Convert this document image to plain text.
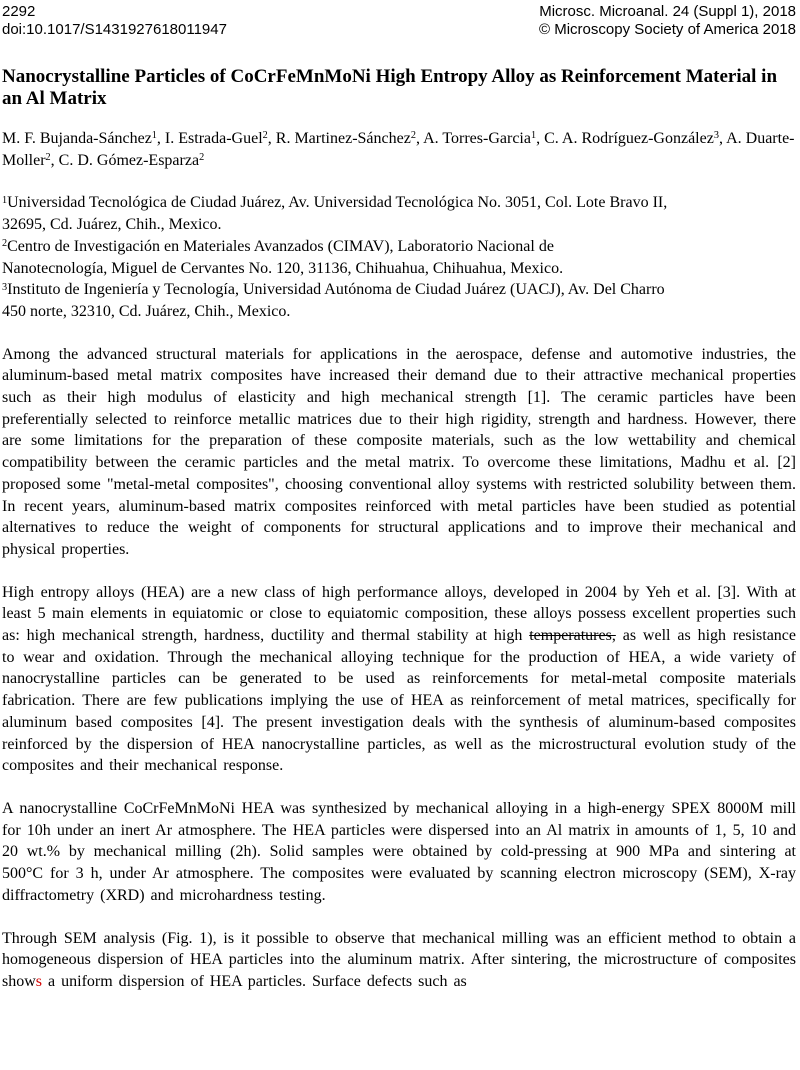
2292
doi:10.1017/S1431927618011947
Microsc. Microanal. 24 (Suppl 1), 2018
© Microscopy Society of America 2018
Nanocrystalline Particles of CoCrFeMnMoNi High Entropy Alloy as Reinforcement Material in an Al Matrix

M. F. Bujanda-Sánchez$^1$, I. Estrada-Guel$^2$, R. Martinez-Sánchez$^2$, A. Torres-Garcia$^1$, C. A. Rodríguez-González$^3$, A. Duarte-Moller$^2$, C. D. Gómez-Esparza$^2$

$^1$Universidad Tecnológica de Ciudad Juárez, Av. Universidad Tecnológica No. 3051, Col. Lote Bravo II,
32695, Cd. Juárez, Chih., Mexico.

$^2$Centro de Investigación en Materiales Avanzados (CIMAV), Laboratorio Nacional de
Nanotecnología, Miguel de Cervantes No. 120, 31136, Chihuahua, Chihuahua, Mexico.

$^3$Instituto de Ingeniería y Tecnología, Universidad Autónoma de Ciudad Juárez (UACJ), Av. Del Charro
450 norte, 32310, Cd. Juárez, Chih., Mexico.

Among the advanced structural materials for applications in the aerospace, defense and automotive industries, the aluminum-based metal matrix composites have increased their demand due to their attractive mechanical properties such as their high modulus of elasticity and high mechanical strength [1]. The ceramic particles have been preferentially selected to reinforce metallic matrices due to their high rigidity, strength and hardness. However, there are some limitations for the preparation of these composite materials, such as the low wettability and chemical compatibility between the ceramic particles and the metal matrix. To overcome these limitations, Madhu et al. [2] proposed some "metal-metal composites", choosing conventional alloy systems with restricted solubility between them. In recent years, aluminum-based matrix composites reinforced with metal particles have been studied as potential alternatives to reduce the weight of components for structural applications and to improve their mechanical and physical properties.

High entropy alloys (HEA) are a new class of high performance alloys, developed in 2004 by Yeh et al. [3]. With at least 5 main elements in equiatomic or close to equiatomic composition, these alloys possess excellent properties such as: high mechanical strength, hardness, ductility and thermal stability at high temperatures, as well as high resistance to wear and oxidation. Through the mechanical alloying technique for the production of HEA, a wide variety of nanocrystalline particles can be generated to be used as reinforcements for metal-metal composite materials fabrication. There are few publications implying the use of HEA as reinforcement of metal matrices, specifically for aluminum based composites [4]. The present investigation deals with the synthesis of aluminum-based composites reinforced by the dispersion of HEA nanocrystalline particles, as well as the microstructural evolution study of the composites and their mechanical response.

A nanocrystalline CoCrFeMnMoNi HEA was synthesized by mechanical alloying in a high-energy SPEX 8000M mill for 10h under an inert Ar atmosphere. The HEA particles were dispersed into an Al matrix in amounts of 1, 5, 10 and 20 wt.% by mechanical milling (2h). Solid samples were obtained by cold-pressing at 900 MPa and sintering at 500°C for 3 h, under Ar atmosphere. The composites were evaluated by scanning electron microscopy (SEM), X-ray diffractometry (XRD) and microhardness testing.

Through SEM analysis (Fig. 1), is it possible to observe that mechanical milling was an efficient method to obtain a homogeneous dispersion of HEA particles into the aluminum matrix. After sintering, the microstructure of composites shows a uniform dispersion of HEA particles. Surface defects such as
